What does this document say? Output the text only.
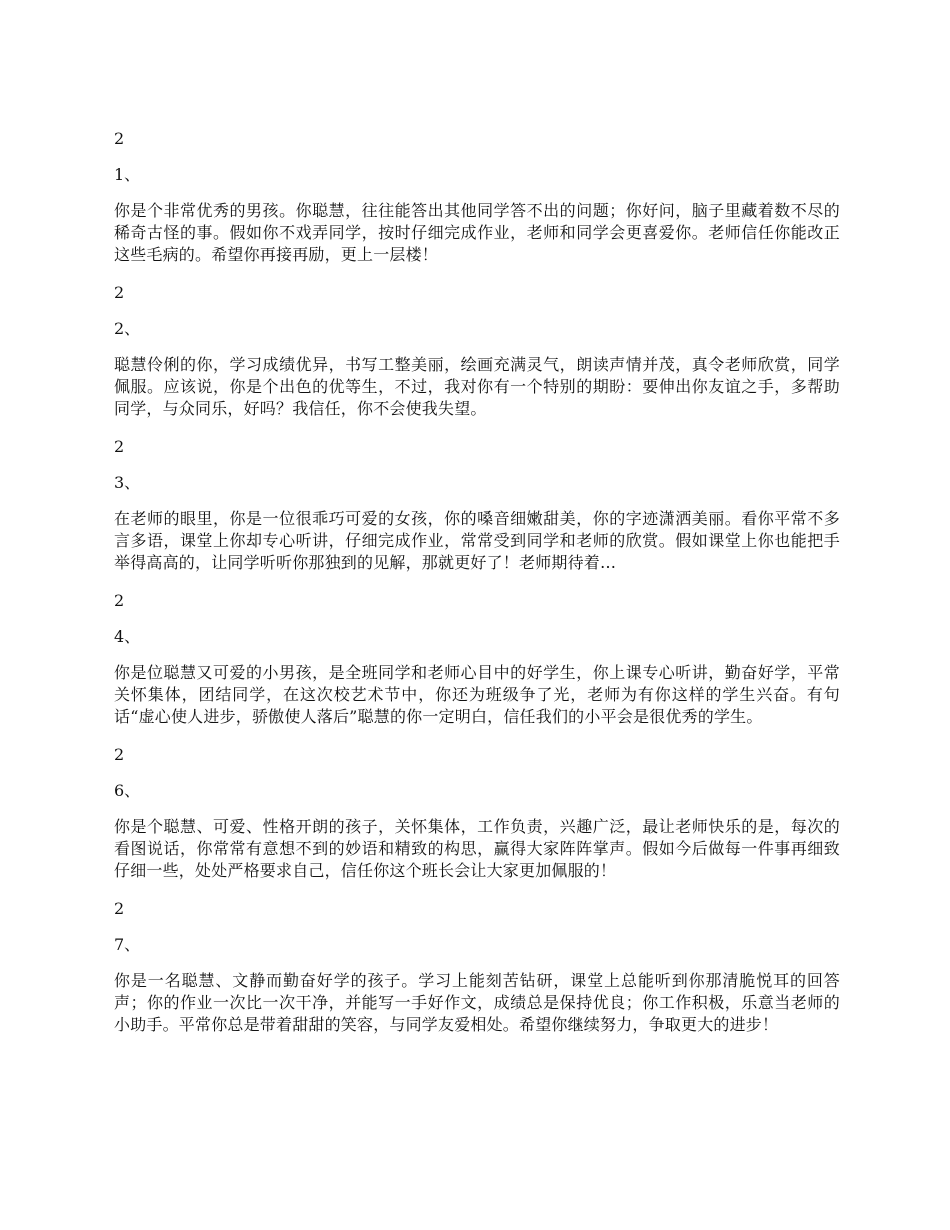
2

1、

你是个非常优秀的男孩。你聪慧，往往能答出其他同学答不出的问题；你好问，脑子里藏着数不尽的稀奇古怪的事。假如你不戏弄同学，按时仔细完成作业，老师和同学会更喜爱你。老师信任你能改正这些毛病的。希望你再接再励，更上一层楼！

2

2、

聪慧伶俐的你，学习成绩优异，书写工整美丽，绘画充满灵气，朗读声情并茂，真令老师欣赏，同学佩服。应该说，你是个出色的优等生，不过，我对你有一个特别的期盼：要伸出你友谊之手，多帮助同学，与众同乐，好吗？我信任，你不会使我失望。

2

3、

在老师的眼里，你是一位很乖巧可爱的女孩，你的嗓音细嫩甜美，你的字迹潇洒美丽。看你平常不多言多语，课堂上你却专心听讲，仔细完成作业，常常受到同学和老师的欣赏。假如课堂上你也能把手举得高高的，让同学听听你那独到的见解，那就更好了！老师期待着…

2

4、

你是位聪慧又可爱的小男孩，是全班同学和老师心目中的好学生，你上课专心听讲，勤奋好学，平常关怀集体，团结同学，在这次校艺术节中，你还为班级争了光，老师为有你这样的学生兴奋。有句话“虚心使人进步，骄傲使人落后”聪慧的你一定明白，信任我们的小平会是很优秀的学生。

2

6、

你是个聪慧、可爱、性格开朗的孩子，关怀集体，工作负责，兴趣广泛，最让老师快乐的是，每次的看图说话，你常常有意想不到的妙语和精致的构思，赢得大家阵阵掌声。假如今后做每一件事再细致仔细一些，处处严格要求自己，信任你这个班长会让大家更加佩服的！

2

7、

你是一名聪慧、文静而勤奋好学的孩子。学习上能刻苦钻研，课堂上总能听到你那清脆悦耳的回答声；你的作业一次比一次干净，并能写一手好作文，成绩总是保持优良；你工作积极，乐意当老师的小助手。平常你总是带着甜甜的笑容，与同学友爱相处。希望你继续努力，争取更大的进步！
